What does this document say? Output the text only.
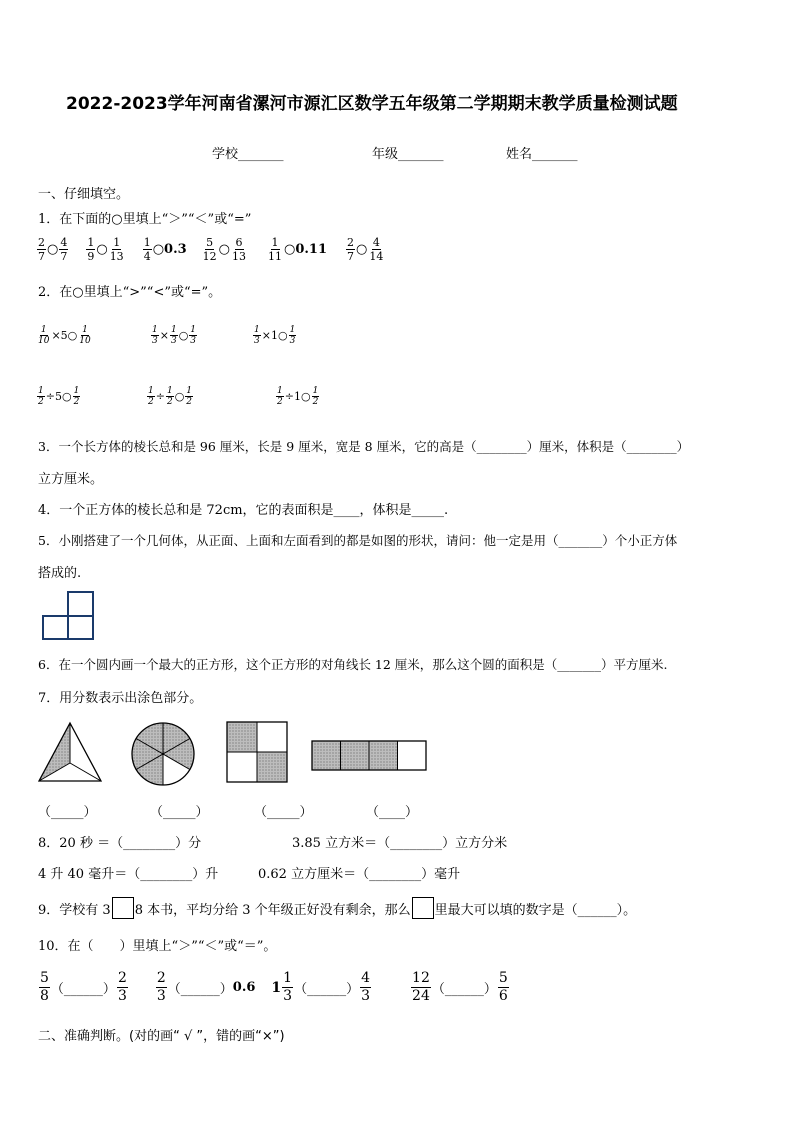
2022-2023学年河南省漯河市源汇区数学五年级第二学期期末教学质量检测试题
学校_______	年级_______	姓名_______
一、仔细填空。
1．在下面的○里填上“＞”“＜”或“=”
$\frac{2}{7}$ ○ $\frac{4}{7} \frac{1}{9}$ ○ $\frac{1}{13} \frac{1}{4}$ ○ $0.3 \frac{5}{12}$ ○ $\frac{6}{13} \frac{1}{11}$ ○ $0.11 \frac{2}{7}$ ○ $\frac{4}{14}$
2．在○里填上“>”“<”或“=”。
$\frac{1}{10}$ ×5○ $\frac{1}{10}$	$\frac{1}{3} \times \frac{1}{3}$ ○ $\frac{1}{3}$	$\frac{1}{3}$ ×1○ $\frac{1}{3}$
$\frac{1}{2}$ ÷5○ $\frac{1}{2}$	$\frac{1}{2} \div \frac{1}{2}$ ○ $\frac{1}{2}$	$\frac{1}{2}$ ÷1○ $\frac{1}{2}$
3．一个长方体的棱长总和是 96 厘米，长是 9 厘米，宽是 8 厘米，它的高是（________）厘米，体积是（________）
立方厘米。
4．一个正方体的棱长总和是 72cm，它的表面积是____，体积是_____.
5．小刚搭建了一个几何体，从正面、上面和左面看到的都是如图的形状，请问：他一定是用（_______）个小正方体
搭成的.
6．在一个圆内画一个最大的正方形，这个正方形的对角线长 12 厘米，那么这个圆的面积是（_______）平方厘米.
7．用分数表示出涂色部分。
（_____）	（_____）	（_____）	（____）
8．20 秒 ＝（________）分	3.85 立方米＝（________）立方分米
4 升 40 毫升＝（________）升	0.62 立方厘米＝（________）毫升
9．学校有 3 8 本书，平均分给 3 个年级正好没有剩余，那么 里最大可以填的数字是（______）。
10．在（　　）里填上“＞”“＜”或“＝”。
$\frac{5}{8}$ （______） $\frac{2}{3} \frac{2}{3}$ （______） 0.6 $1 \frac{1}{3}$ （______） $\frac{4}{3}$	$\frac{12}{24}$ （______） $\frac{5}{6}$
二、准确判断。(对的画“ √ ”，错的画“×”)
